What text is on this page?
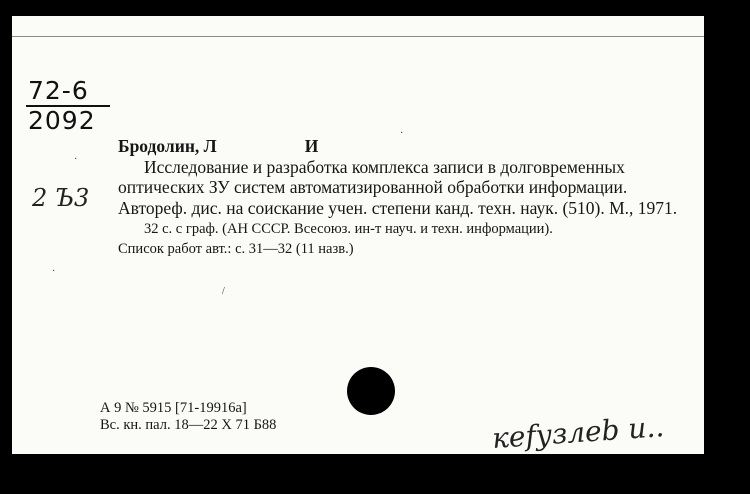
72-6
2092
2 Ъ3
Бродолин, Л	И
Исследование и разработка комплекса записи в долговременных оптических ЗУ систем автоматизированной обработки информации. Автореф. дис. на соискание учен. степени канд. техн. наук. (510). М., 1971.
32 с. с граф. (АН СССР. Всесоюз. ин-т науч. и техн. информации).
Список работ авт.: с. 31—32 (11 назв.)
А 9 № 5915 [71-19916а]
Вс. кн. пал. 18—22 X 71 Б88	кеfузлeb и..
·
·
/
·
